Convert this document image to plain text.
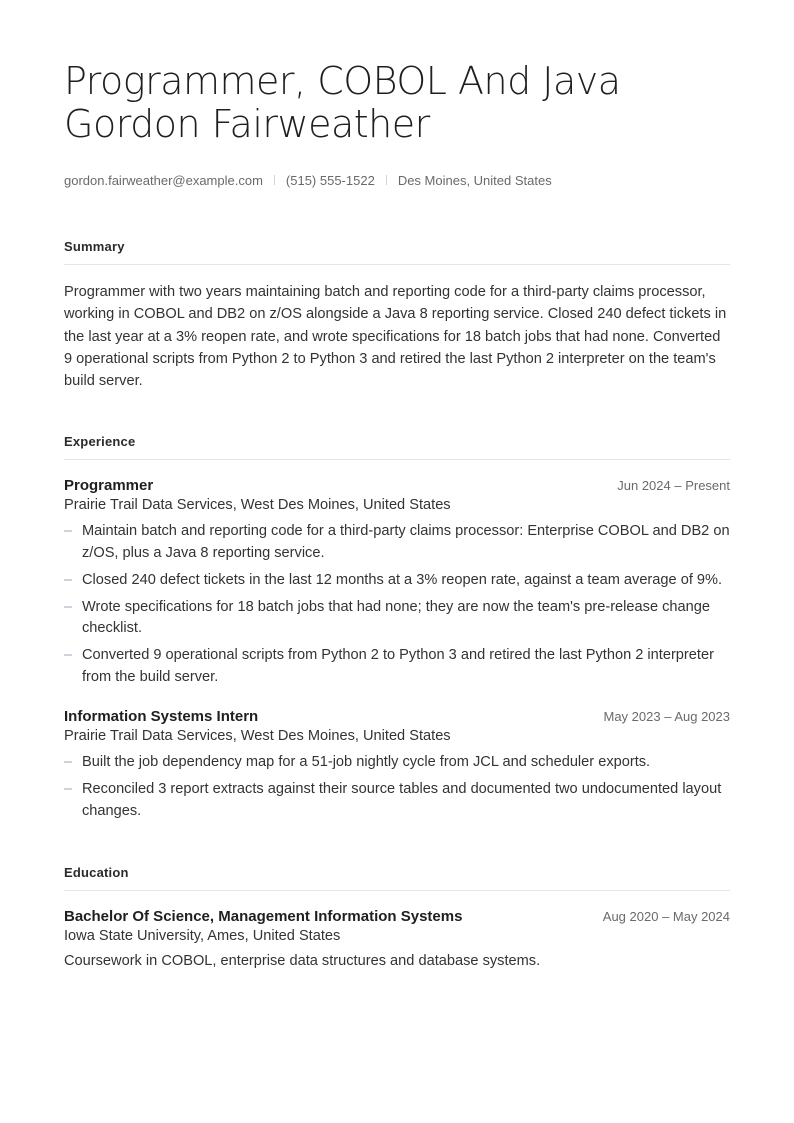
Programmer, COBOL And Java
Gordon Fairweather
gordon.fairweather@example.com (515) 555-1522 Des Moines, United States
Summary
Programmer with two years maintaining batch and reporting code for a third-party claims processor, working in COBOL and DB2 on z/OS alongside a Java 8 reporting service. Closed 240 defect tickets in the last year at a 3% reopen rate, and wrote specifications for 18 batch jobs that had none. Converted 9 operational scripts from Python 2 to Python 3 and retired the last Python 2 interpreter on the team's build server.
Experience
Programmer	Jun 2024 – Present
Prairie Trail Data Services, West Des Moines, United States
– Maintain batch and reporting code for a third-party claims processor: Enterprise COBOL and DB2 on z/OS, plus a Java 8 reporting service.
– Closed 240 defect tickets in the last 12 months at a 3% reopen rate, against a team average of 9%.
– Wrote specifications for 18 batch jobs that had none; they are now the team's pre-release change checklist.
– Converted 9 operational scripts from Python 2 to Python 3 and retired the last Python 2 interpreter from the build server.
Information Systems Intern	May 2023 – Aug 2023
Prairie Trail Data Services, West Des Moines, United States
– Built the job dependency map for a 51-job nightly cycle from JCL and scheduler exports.
– Reconciled 3 report extracts against their source tables and documented two undocumented layout changes.
Education
Bachelor Of Science, Management Information Systems	Aug 2020 – May 2024
Iowa State University, Ames, United States
Coursework in COBOL, enterprise data structures and database systems.
